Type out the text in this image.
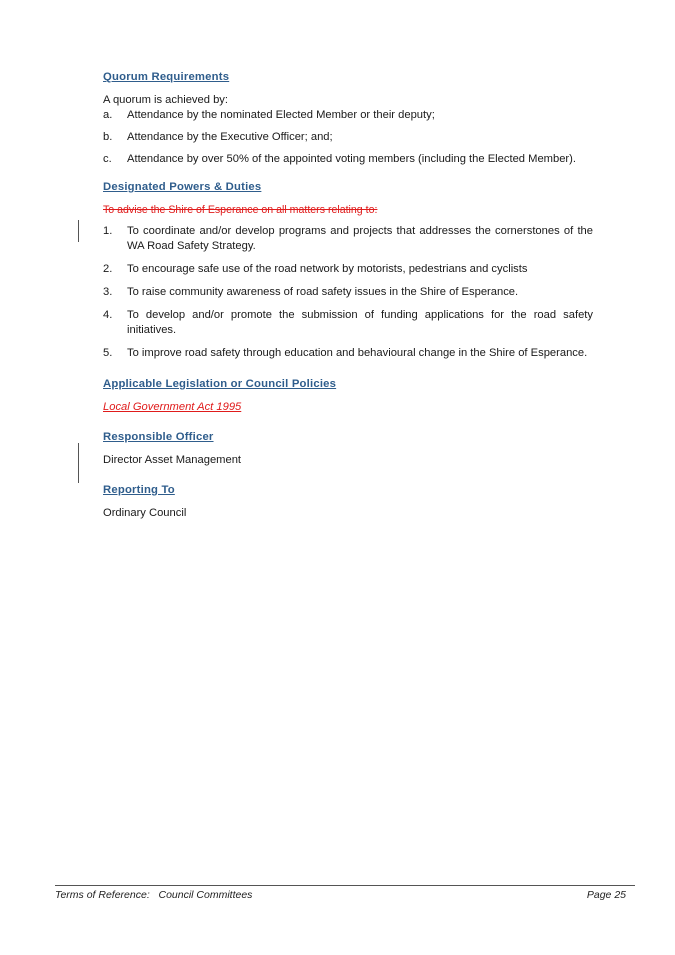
Quorum Requirements

A quorum is achieved by:

a. Attendance by the nominated Elected Member or their deputy;
b. Attendance by the Executive Officer; and;
c. Attendance by over 50% of the appointed voting members (including the Elected Member).
Designated Powers & Duties

To advise the Shire of Esperance on all matters relating to:

1. To coordinate and/or develop programs and projects that addresses the cornerstones of the WA Road Safety Strategy.
2. To encourage safe use of the road network by motorists, pedestrians and cyclists
3. To raise community awareness of road safety issues in the Shire of Esperance.
4. To develop and/or promote the submission of funding applications for the road safety initiatives.
5. To improve road safety through education and behavioural change in the Shire of Esperance.
Applicable Legislation or Council Policies

Local Government Act 1995

Responsible Officer

Director Asset Management

Reporting To

Ordinary Council

Terms of Reference:   Council Committees	Page 25
